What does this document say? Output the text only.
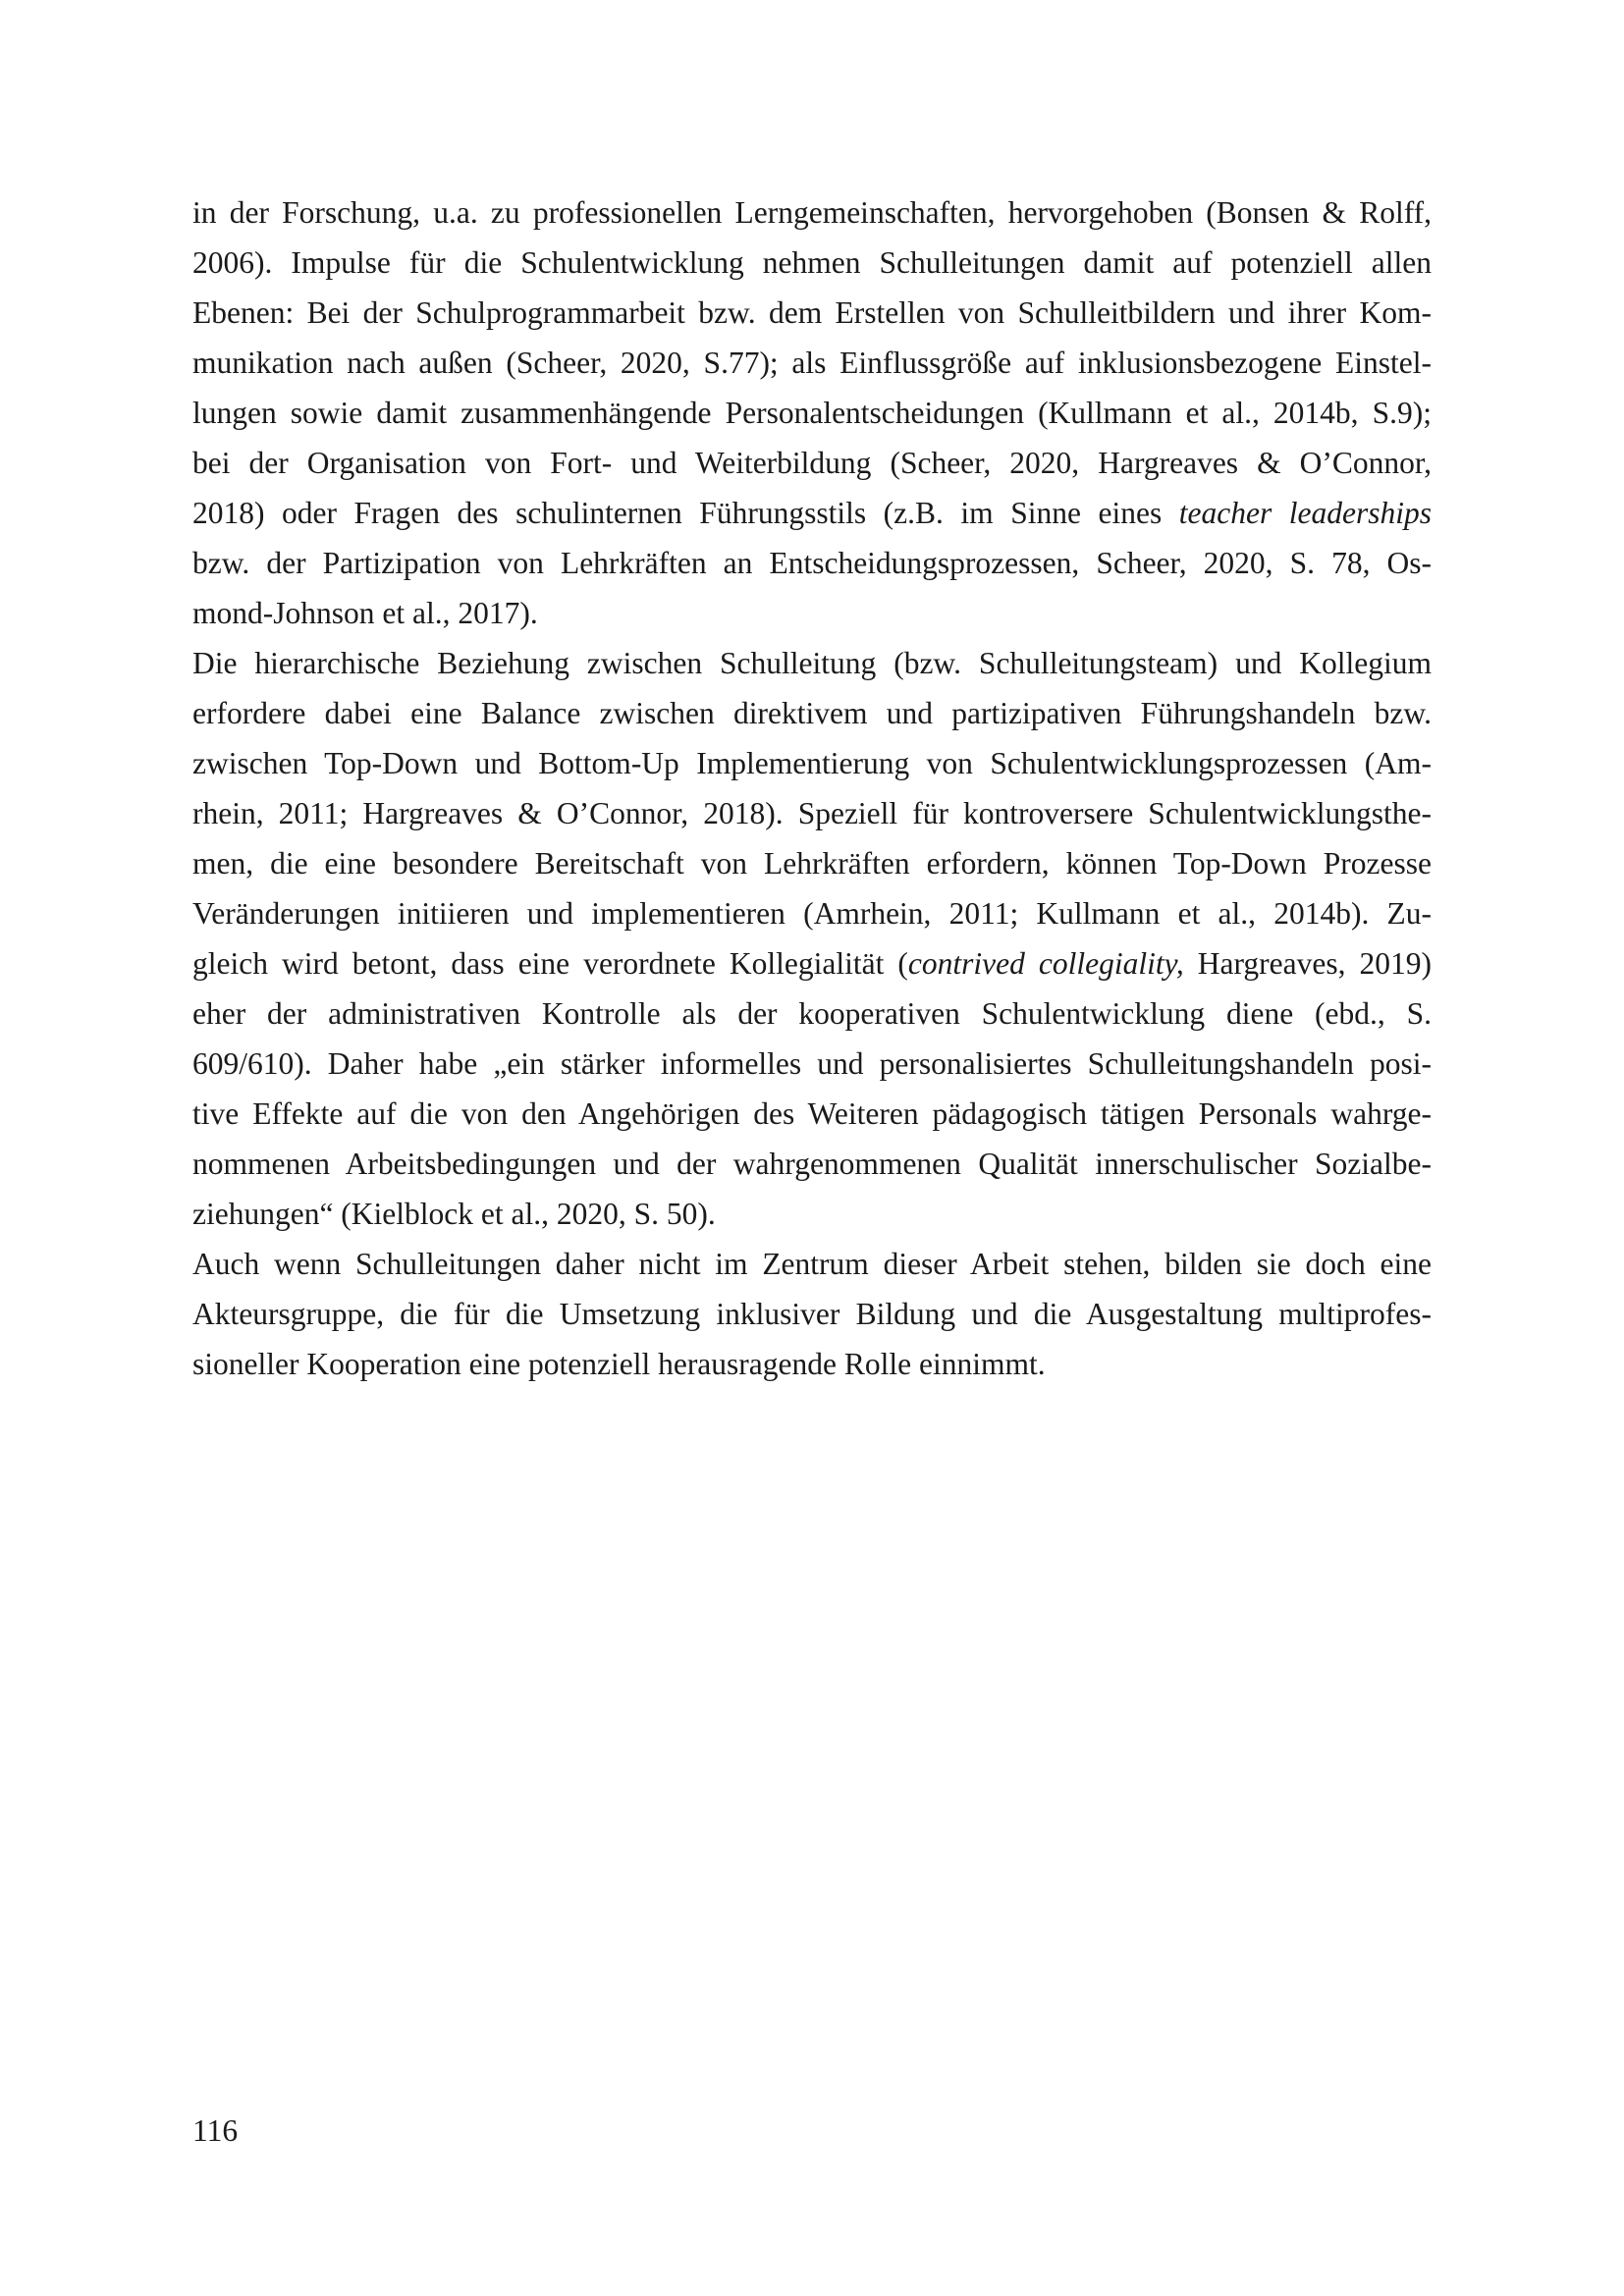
in der Forschung, u.a. zu professionellen Lerngemeinschaften, hervorgehoben (Bonsen & Rolff,
2006). Impulse für die Schulentwicklung nehmen Schulleitungen damit auf potenziell allen
Ebenen: Bei der Schulprogrammarbeit bzw. dem Erstellen von Schulleitbildern und ihrer Kom-
munikation nach außen (Scheer, 2020, S.77); als Einflussgröße auf inklusionsbezogene Einstel-
lungen sowie damit zusammenhängende Personalentscheidungen (Kullmann et al., 2014b, S.9);
bei der Organisation von Fort- und Weiterbildung (Scheer, 2020, Hargreaves & O’Connor,
2018) oder Fragen des schulinternen Führungsstils (z.B. im Sinne eines teacher leaderships
bzw. der Partizipation von Lehrkräften an Entscheidungsprozessen, Scheer, 2020, S. 78, Os-
mond-Johnson et al., 2017).
Die hierarchische Beziehung zwischen Schulleitung (bzw. Schulleitungsteam) und Kollegium
erfordere dabei eine Balance zwischen direktivem und partizipativen Führungshandeln bzw.
zwischen Top-Down und Bottom-Up Implementierung von Schulentwicklungsprozessen (Am-
rhein, 2011; Hargreaves & O’Connor, 2018). Speziell für kontroversere Schulentwicklungsthe-
men, die eine besondere Bereitschaft von Lehrkräften erfordern, können Top-Down Prozesse
Veränderungen initiieren und implementieren (Amrhein, 2011; Kullmann et al., 2014b). Zu-
gleich wird betont, dass eine verordnete Kollegialität (contrived collegiality, Hargreaves, 2019)
eher der administrativen Kontrolle als der kooperativen Schulentwicklung diene (ebd., S.
609/610). Daher habe „ein stärker informelles und personalisiertes Schulleitungshandeln posi-
tive Effekte auf die von den Angehörigen des Weiteren pädagogisch tätigen Personals wahrge-
nommenen Arbeitsbedingungen und der wahrgenommenen Qualität innerschulischer Sozialbe-
ziehungen“ (Kielblock et al., 2020, S. 50).
Auch wenn Schulleitungen daher nicht im Zentrum dieser Arbeit stehen, bilden sie doch eine
Akteursgruppe, die für die Umsetzung inklusiver Bildung und die Ausgestaltung multiprofes-
sioneller Kooperation eine potenziell herausragende Rolle einnimmt.
116
